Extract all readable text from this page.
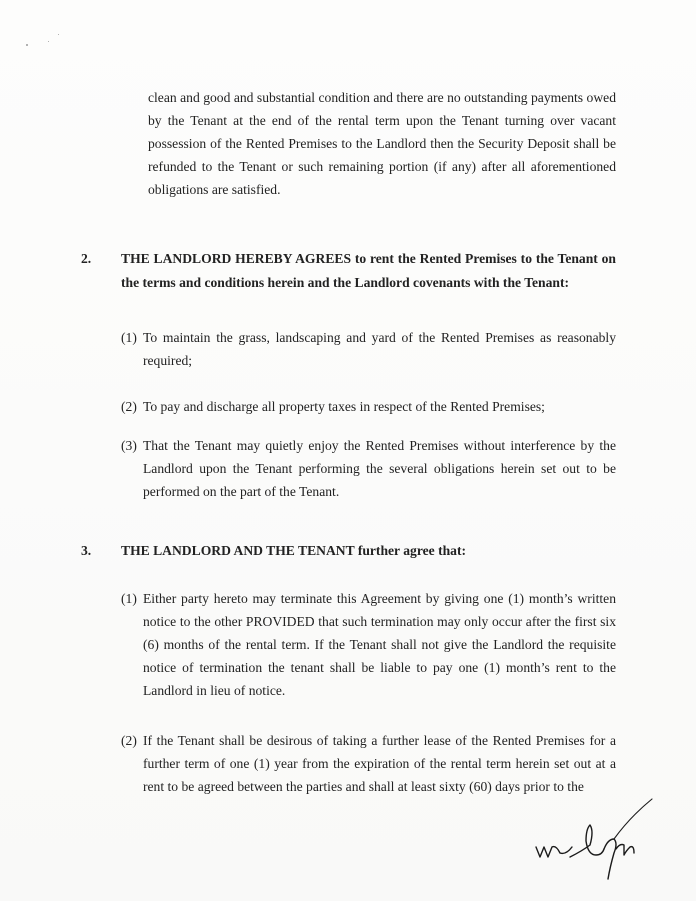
clean and good and substantial condition and there are no outstanding payments owed by the Tenant at the end of the rental term upon the Tenant turning over vacant possession of the Rented Premises to the Landlord then the Security Deposit shall be refunded to the Tenant or such remaining portion (if any) after all aforementioned obligations are satisfied.
2. THE LANDLORD HEREBY AGREES to rent the Rented Premises to the Tenant on the terms and conditions herein and the Landlord covenants with the Tenant:
(1) To maintain the grass, landscaping and yard of the Rented Premises as reasonably required;
(2) To pay and discharge all property taxes in respect of the Rented Premises;
(3) That the Tenant may quietly enjoy the Rented Premises without interference by the Landlord upon the Tenant performing the several obligations herein set out to be performed on the part of the Tenant.
3. THE LANDLORD AND THE TENANT further agree that:
(1) Either party hereto may terminate this Agreement by giving one (1) month’s written notice to the other PROVIDED that such termination may only occur after the first six (6) months of the rental term. If the Tenant shall not give the Landlord the requisite notice of termination the tenant shall be liable to pay one (1) month’s rent to the Landlord in lieu of notice.
(2) If the Tenant shall be desirous of taking a further lease of the Rented Premises for a further term of one (1) year from the expiration of the rental term herein set out at a rent to be agreed between the parties and shall at least sixty (60) days prior to the
